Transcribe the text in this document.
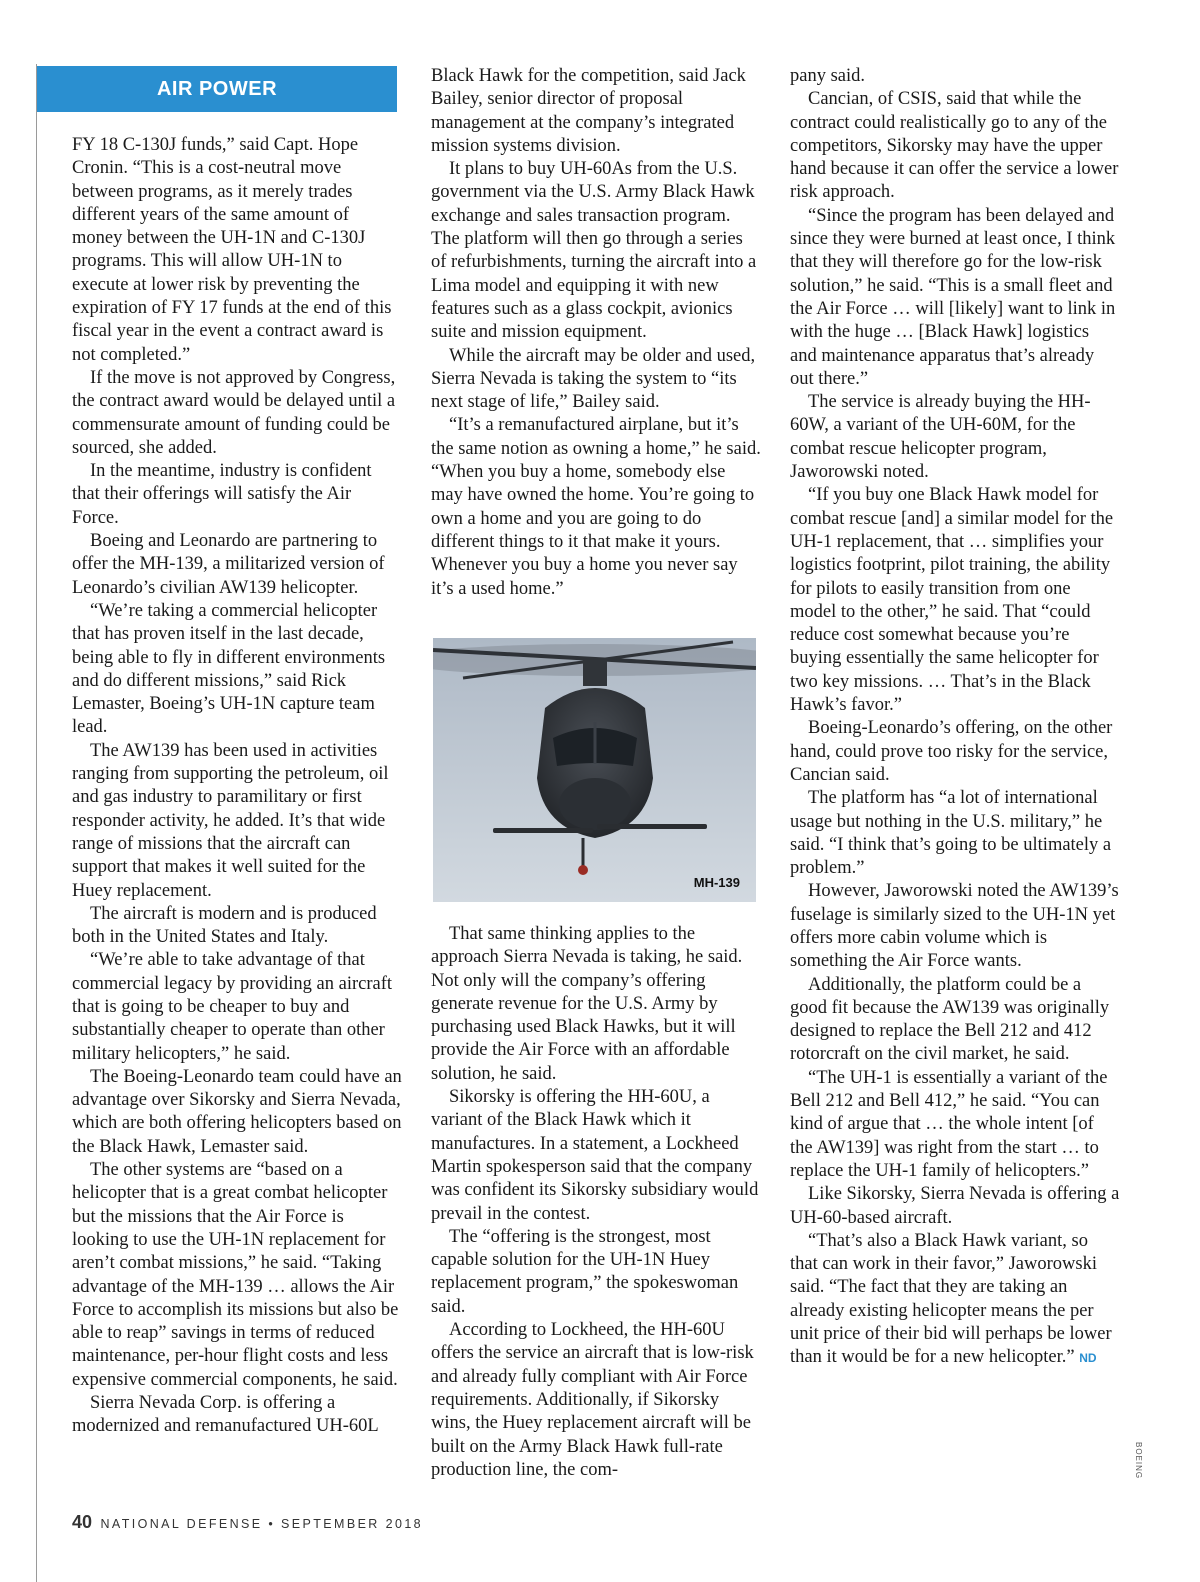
AIR POWER

FY 18 C-130J funds,” said Capt. Hope Cronin. “This is a cost-neutral move between programs, as it merely trades different years of the same amount of money between the UH-1N and C-130J programs. This will allow UH-1N to execute at lower risk by preventing the expiration of FY 17 funds at the end of this fiscal year in the event a contract award is not completed.”

If the move is not approved by Congress, the contract award would be delayed until a commensurate amount of funding could be sourced, she added.

In the meantime, industry is confident that their offerings will satisfy the Air Force.

Boeing and Leonardo are partnering to offer the MH-139, a militarized version of Leonardo’s civilian AW139 helicopter.

“We’re taking a commercial helicopter that has proven itself in the last decade, being able to fly in different environments and do different missions,” said Rick Lemaster, Boeing’s UH-1N capture team lead.

The AW139 has been used in activities ranging from supporting the petroleum, oil and gas industry to paramilitary or first responder activity, he added. It’s that wide range of missions that the aircraft can support that makes it well suited for the Huey replacement.

The aircraft is modern and is produced both in the United States and Italy.

“We’re able to take advantage of that commercial legacy by providing an aircraft that is going to be cheaper to buy and substantially cheaper to operate than other military helicopters,” he said.

The Boeing-Leonardo team could have an advantage over Sikorsky and Sierra Nevada, which are both offering helicopters based on the Black Hawk, Lemaster said.

The other systems are “based on a helicopter that is a great combat helicopter but the missions that the Air Force is looking to use the UH-1N replacement for aren’t combat missions,” he said. “Taking advantage of the MH-139 … allows the Air Force to accomplish its missions but also be able to reap” savings in terms of reduced maintenance, per-hour flight costs and less expensive commercial components, he said.

Sierra Nevada Corp. is offering a modernized and remanufactured UH-60L

Black Hawk for the competition, said Jack Bailey, senior director of proposal management at the company’s integrated mission systems division.

It plans to buy UH-60As from the U.S. government via the U.S. Army Black Hawk exchange and sales transaction program. The platform will then go through a series of refurbishments, turning the aircraft into a Lima model and equipping it with new features such as a glass cockpit, avionics suite and mission equipment.

While the aircraft may be older and used, Sierra Nevada is taking the system to “its next stage of life,” Bailey said.

“It’s a remanufactured airplane, but it’s the same notion as owning a home,” he said. “When you buy a home, somebody else may have owned the home. You’re going to own a home and you are going to do different things to it that make it yours. Whenever you buy a home you never say it’s a used home.”

MH-139

That same thinking applies to the approach Sierra Nevada is taking, he said. Not only will the company’s offering generate revenue for the U.S. Army by purchasing used Black Hawks, but it will provide the Air Force with an affordable solution, he said.

Sikorsky is offering the HH-60U, a variant of the Black Hawk which it manufactures. In a statement, a Lockheed Martin spokesperson said that the company was confident its Sikorsky subsidiary would prevail in the contest.

The “offering is the strongest, most capable solution for the UH-1N Huey replacement program,” the spokeswoman said.

According to Lockheed, the HH-60U offers the service an aircraft that is low-risk and already fully compliant with Air Force requirements. Additionally, if Sikorsky wins, the Huey replacement aircraft will be built on the Army Black Hawk full-rate production line, the com-

pany said.

Cancian, of CSIS, said that while the contract could realistically go to any of the competitors, Sikorsky may have the upper hand because it can offer the service a lower risk approach.

“Since the program has been delayed and since they were burned at least once, I think that they will therefore go for the low-risk solution,” he said. “This is a small fleet and the Air Force … will [likely] want to link in with the huge … [Black Hawk] logistics and maintenance apparatus that’s already out there.”

The service is already buying the HH-60W, a variant of the UH-60M, for the combat rescue helicopter program, Jaworowski noted.

“If you buy one Black Hawk model for combat rescue [and] a similar model for the UH-1 replacement, that … simplifies your logistics footprint, pilot training, the ability for pilots to easily transition from one model to the other,” he said. That “could reduce cost somewhat because you’re buying essentially the same helicopter for two key missions. … That’s in the Black Hawk’s favor.”

Boeing-Leonardo’s offering, on the other hand, could prove too risky for the service, Cancian said.

The platform has “a lot of international usage but nothing in the U.S. military,” he said. “I think that’s going to be ultimately a problem.”

However, Jaworowski noted the AW139’s fuselage is similarly sized to the UH-1N yet offers more cabin volume which is something the Air Force wants.

Additionally, the platform could be a good fit because the AW139 was originally designed to replace the Bell 212 and 412 rotorcraft on the civil market, he said.

“The UH-1 is essentially a variant of the Bell 212 and Bell 412,” he said. “You can kind of argue that … the whole intent [of the AW139] was right from the start … to replace the UH-1 family of helicopters.”

Like Sikorsky, Sierra Nevada is offering a UH-60-based aircraft.

“That’s also a Black Hawk variant, so that can work in their favor,” Jaworowski said. “The fact that they are taking an already existing helicopter means the per unit price of their bid will perhaps be lower than it would be for a new helicopter.” ND

BOEING
40 NATIONAL DEFENSE • SEPTEMBER 2018
